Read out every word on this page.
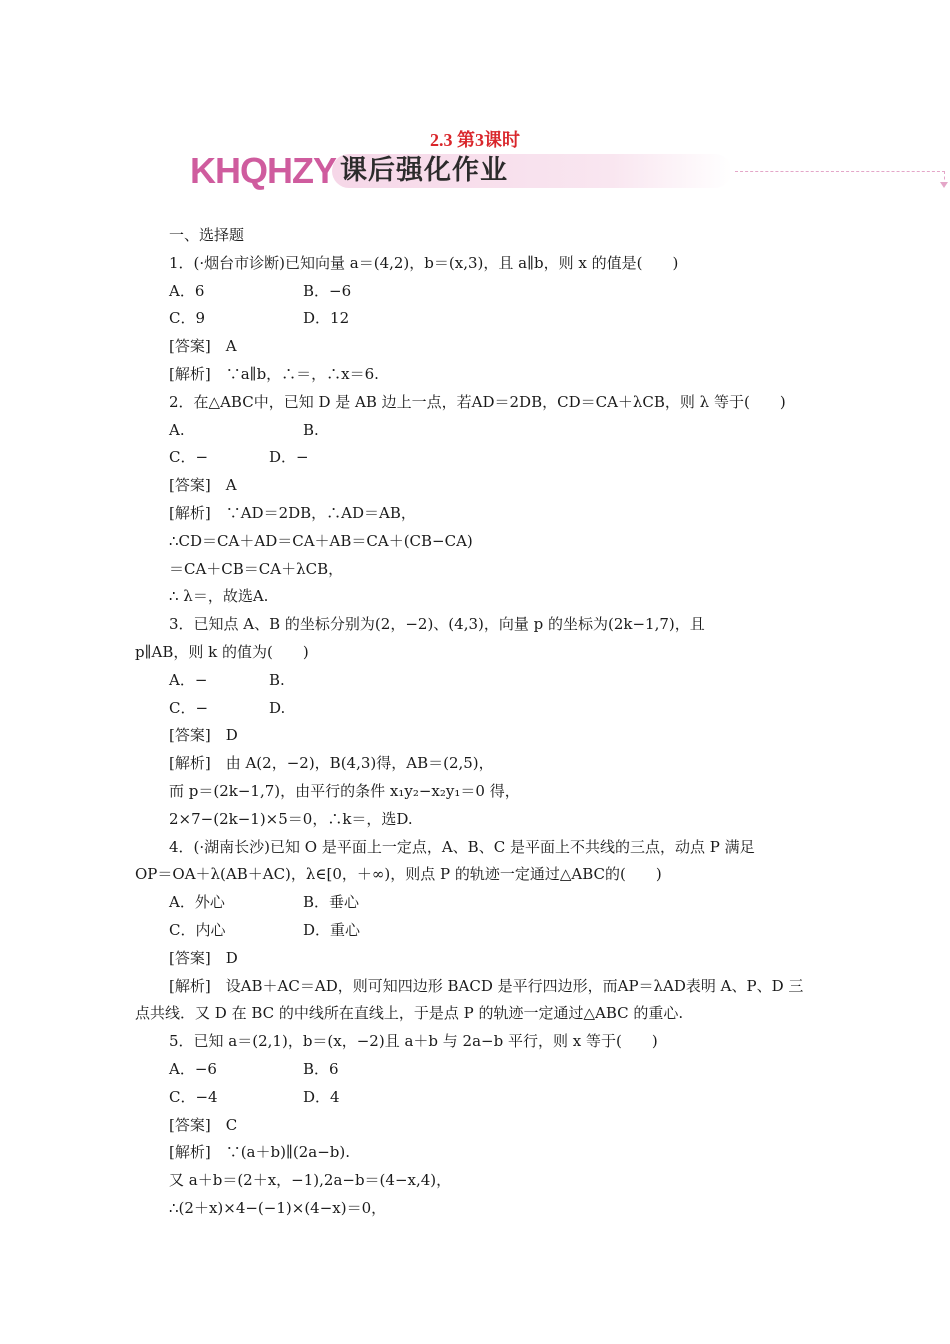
2.3 第3课时
KHQHZY 课后强化作业
一、选择题
1．(·烟台市诊断)已知向量 a＝(4,2)，b＝(x,3)，且 a∥b，则 x 的值是(　　)
A．6	B．−6
C．9	D．12
[答案]　A
[解析]　∵a∥b，∴＝，∴x＝6.
2．在△ABC中，已知 D 是 AB 边上一点，若AD＝2DB，CD＝CA＋λCB，则 λ 等于(　　)
A.	B.
C．−	D．−
[答案]　A
[解析]　∵AD＝2DB，∴AD＝AB，
∴CD＝CA＋AD＝CA＋AB＝CA＋(CB−CA)
＝CA＋CB＝CA＋λCB，
∴ λ＝，故选A.
3．已知点 A、B 的坐标分别为(2，−2)、(4,3)，向量 p 的坐标为(2k−1,7)，且
p∥AB，则 k 的值为(　　)
A．−	B.
C．−	D.
[答案]　D
[解析]　由 A(2，−2)，B(4,3)得，AB＝(2,5)，
而 p＝(2k−1,7)，由平行的条件 x₁y₂−x₂y₁＝0 得，
2×7−(2k−1)×5＝0，∴k＝，选D.
4．(·湖南长沙)已知 O 是平面上一定点，A、B、C 是平面上不共线的三点，动点 P 满足
OP＝OA＋λ(AB＋AC)，λ∈[0，＋∞)，则点 P 的轨迹一定通过△ABC的(　　)
A．外心	B．垂心
C．内心	D．重心
[答案]　D
[解析]　设AB＋AC＝AD，则可知四边形 BACD 是平行四边形，而AP＝λAD表明 A、P、D 三
点共线．又 D 在 BC 的中线所在直线上，于是点 P 的轨迹一定通过△ABC 的重心.
5．已知 a＝(2,1)，b＝(x，−2)且 a＋b 与 2a−b 平行，则 x 等于(　　)
A．−6	B．6
C．−4	D．4
[答案]　C
[解析]　∵(a＋b)∥(2a−b).
又 a＋b＝(2＋x，−1),2a−b＝(4−x,4)，
∴(2＋x)×4−(−1)×(4−x)＝0，
